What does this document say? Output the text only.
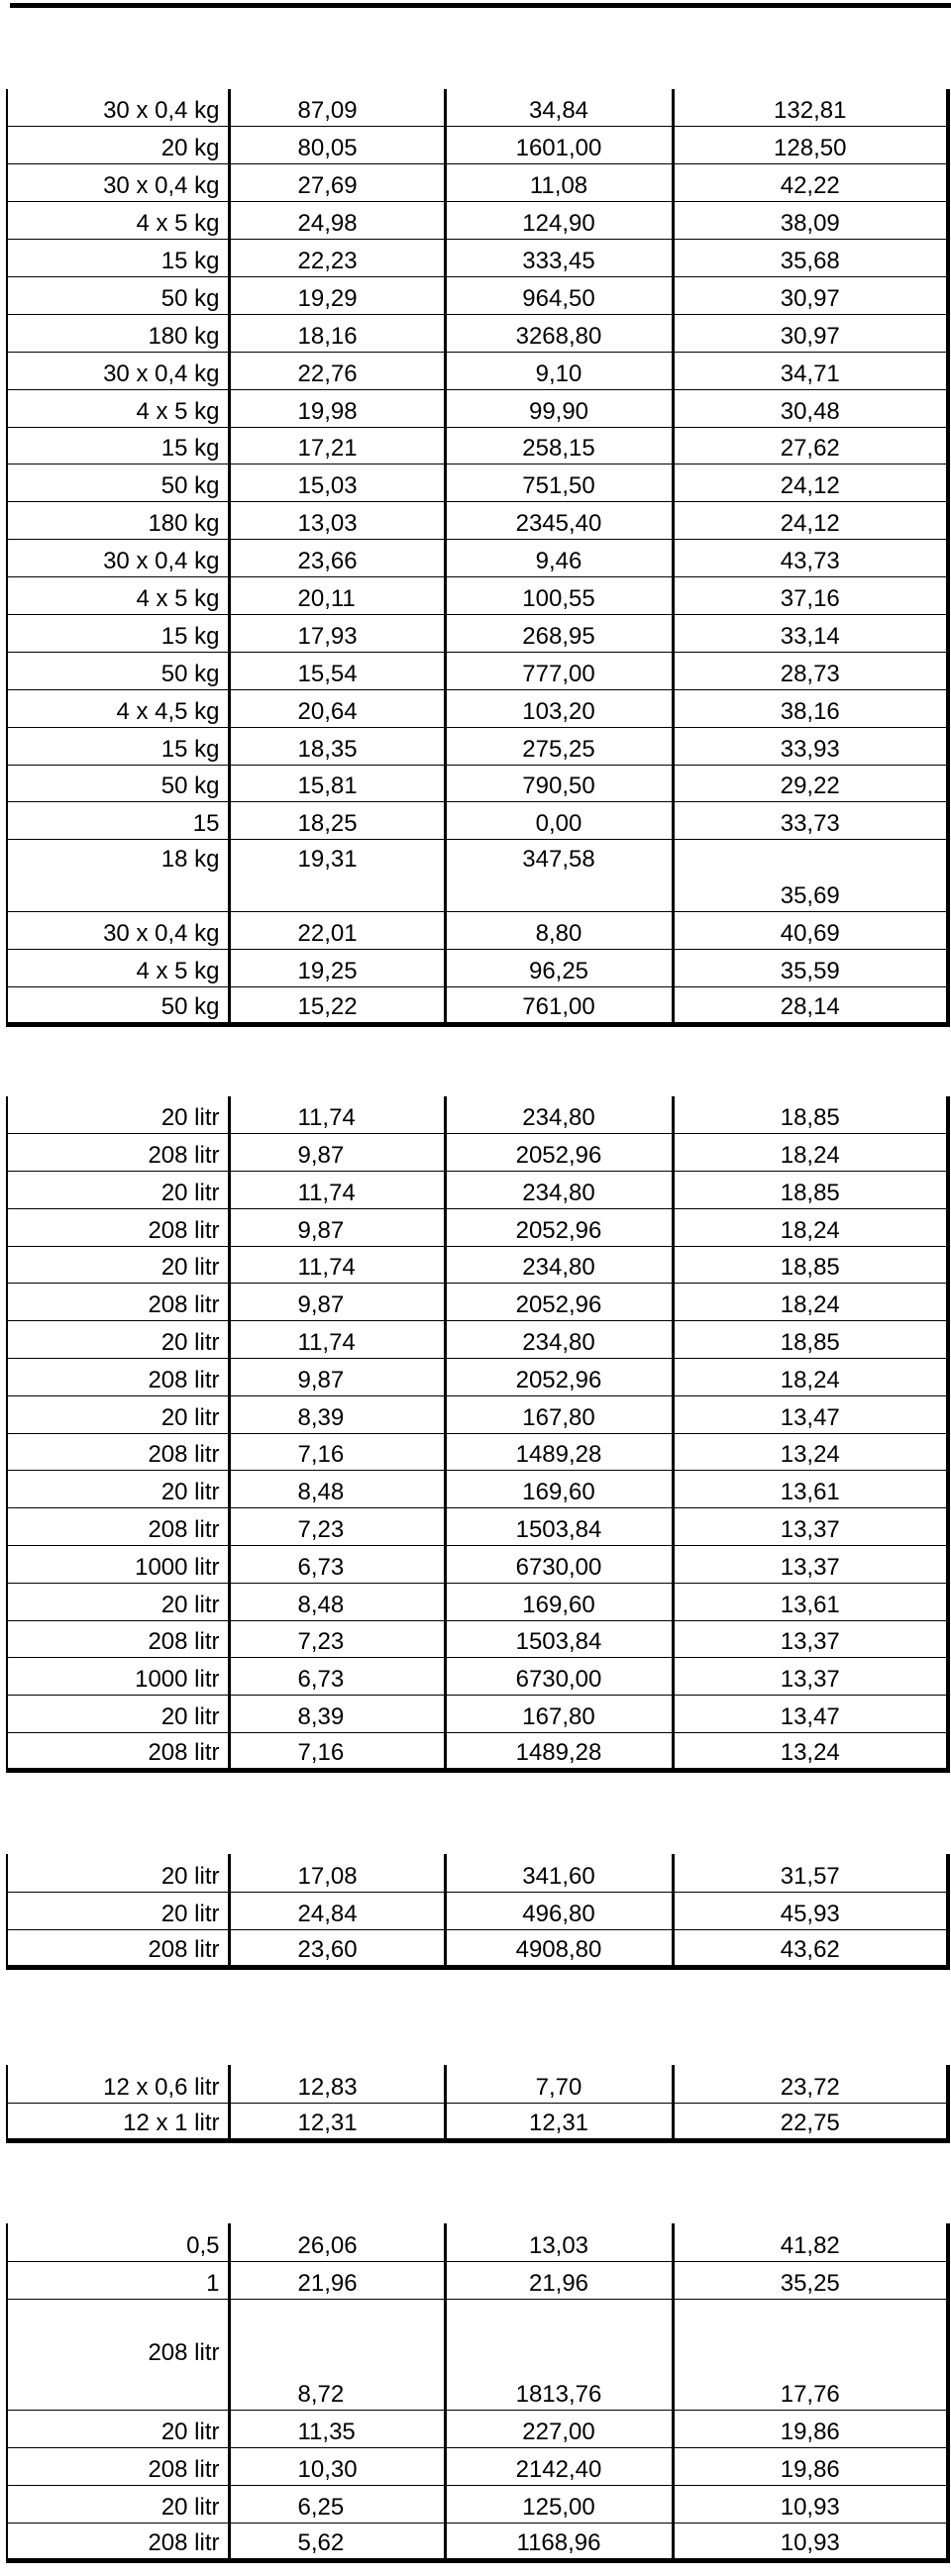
30 x 0,4 kg	87,09	34,84	132,81
20 kg	80,05	1601,00	128,50
30 x 0,4 kg	27,69	11,08	42,22
4 x 5 kg	24,98	124,90	38,09
15 kg	22,23	333,45	35,68
50 kg	19,29	964,50	30,97
180 kg	18,16	3268,80	30,97
30 x 0,4 kg	22,76	9,10	34,71
4 x 5 kg	19,98	99,90	30,48
15 kg	17,21	258,15	27,62
50 kg	15,03	751,50	24,12
180 kg	13,03	2345,40	24,12
30 x 0,4 kg	23,66	9,46	43,73
4 x 5 kg	20,11	100,55	37,16
15 kg	17,93	268,95	33,14
50 kg	15,54	777,00	28,73
4 x 4,5 kg	20,64	103,20	38,16
15 kg	18,35	275,25	33,93
50 kg	15,81	790,50	29,22
15	18,25	0,00	33,73
18 kg	19,31	347,58	35,69
30 x 0,4 kg	22,01	8,80	40,69
4 x 5 kg	19,25	96,25	35,59
50 kg	15,22	761,00	28,14
20 litr	11,74	234,80	18,85
208 litr	9,87	2052,96	18,24
20 litr	11,74	234,80	18,85
208 litr	9,87	2052,96	18,24
20 litr	11,74	234,80	18,85
208 litr	9,87	2052,96	18,24
20 litr	11,74	234,80	18,85
208 litr	9,87	2052,96	18,24
20 litr	8,39	167,80	13,47
208 litr	7,16	1489,28	13,24
20 litr	8,48	169,60	13,61
208 litr	7,23	1503,84	13,37
1000 litr	6,73	6730,00	13,37
20 litr	8,48	169,60	13,61
208 litr	7,23	1503,84	13,37
1000 litr	6,73	6730,00	13,37
20 litr	8,39	167,80	13,47
208 litr	7,16	1489,28	13,24
20 litr	17,08	341,60	31,57
20 litr	24,84	496,80	45,93
208 litr	23,60	4908,80	43,62
12 x 0,6 litr	12,83	7,70	23,72
12 x 1 litr	12,31	12,31	22,75
0,5	26,06	13,03	41,82
1	21,96	21,96	35,25
208 litr	8,72	1813,76	17,76
20 litr	11,35	227,00	19,86
208 litr	10,30	2142,40	19,86
20 litr	6,25	125,00	10,93
208 litr	5,62	1168,96	10,93
